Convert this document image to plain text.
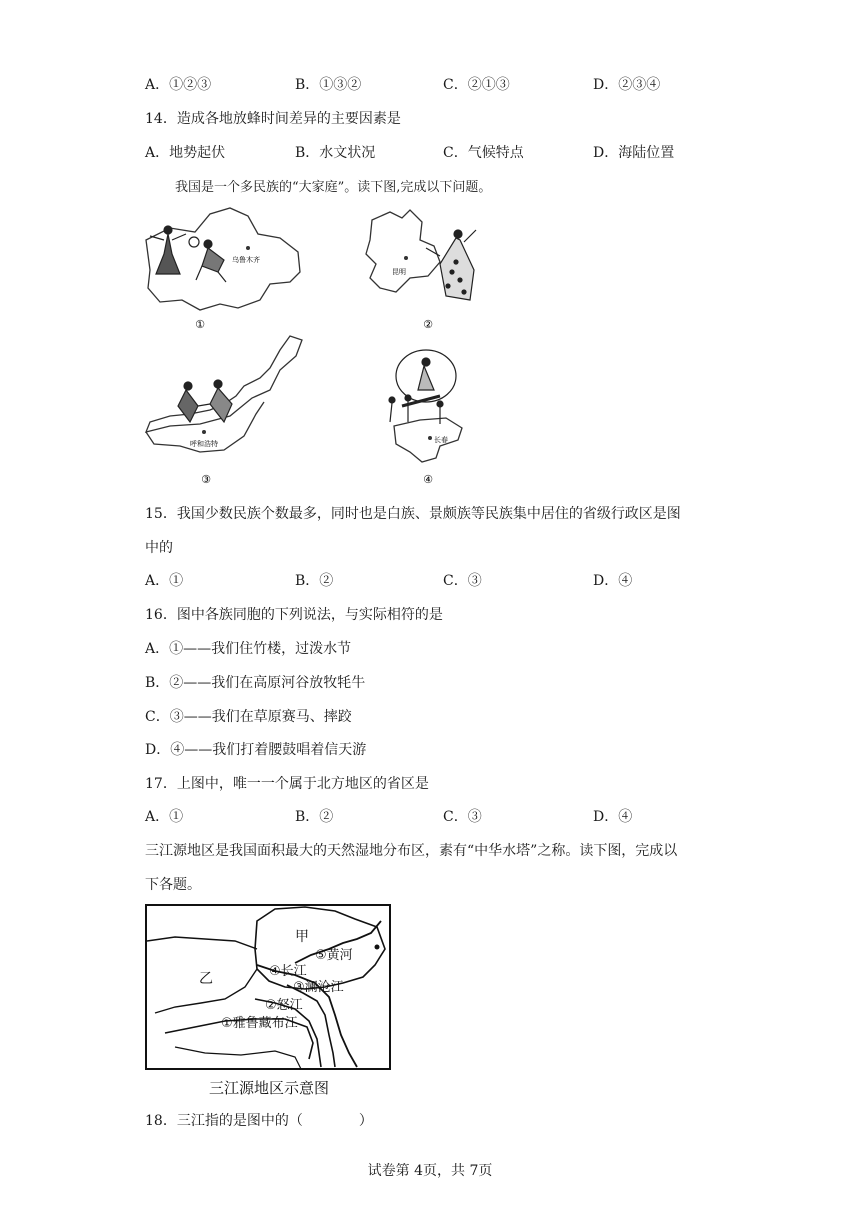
A．①②③	B．①③②	C．②①③	D．②③④
14．造成各地放蜂时间差异的主要因素是
A．地势起伏	B．水文状况	C．气候特点	D．海陆位置
我国是一个多民族的“大家庭”。读下图,完成以下问题。
乌鲁木齐
①
昆明
②
呼和浩特
③
长春
④
15．我国少数民族个数最多，同时也是白族、景颇族等民族集中居住的省级行政区是图
中的
A．①	B．②	C．③	D．④
16．图中各族同胞的下列说法，与实际相符的是
A．①——我们住竹楼，过泼水节
B．②——我们在高原河谷放牧牦牛
C．③——我们在草原赛马、摔跤
D．④——我们打着腰鼓唱着信天游
17．上图中，唯一一个属于北方地区的省区是
A．①	B．②	C．③	D．④
三江源地区是我国面积最大的天然湿地分布区，素有“中华水塔”之称。读下图，完成以
下各题。
甲
乙
⑤黄河
④长江
③澜沧江
②怒江
①雅鲁藏布江
三江源地区示意图
18．三江指的是图中的（　　　　）
试卷第 4页，共 7页
